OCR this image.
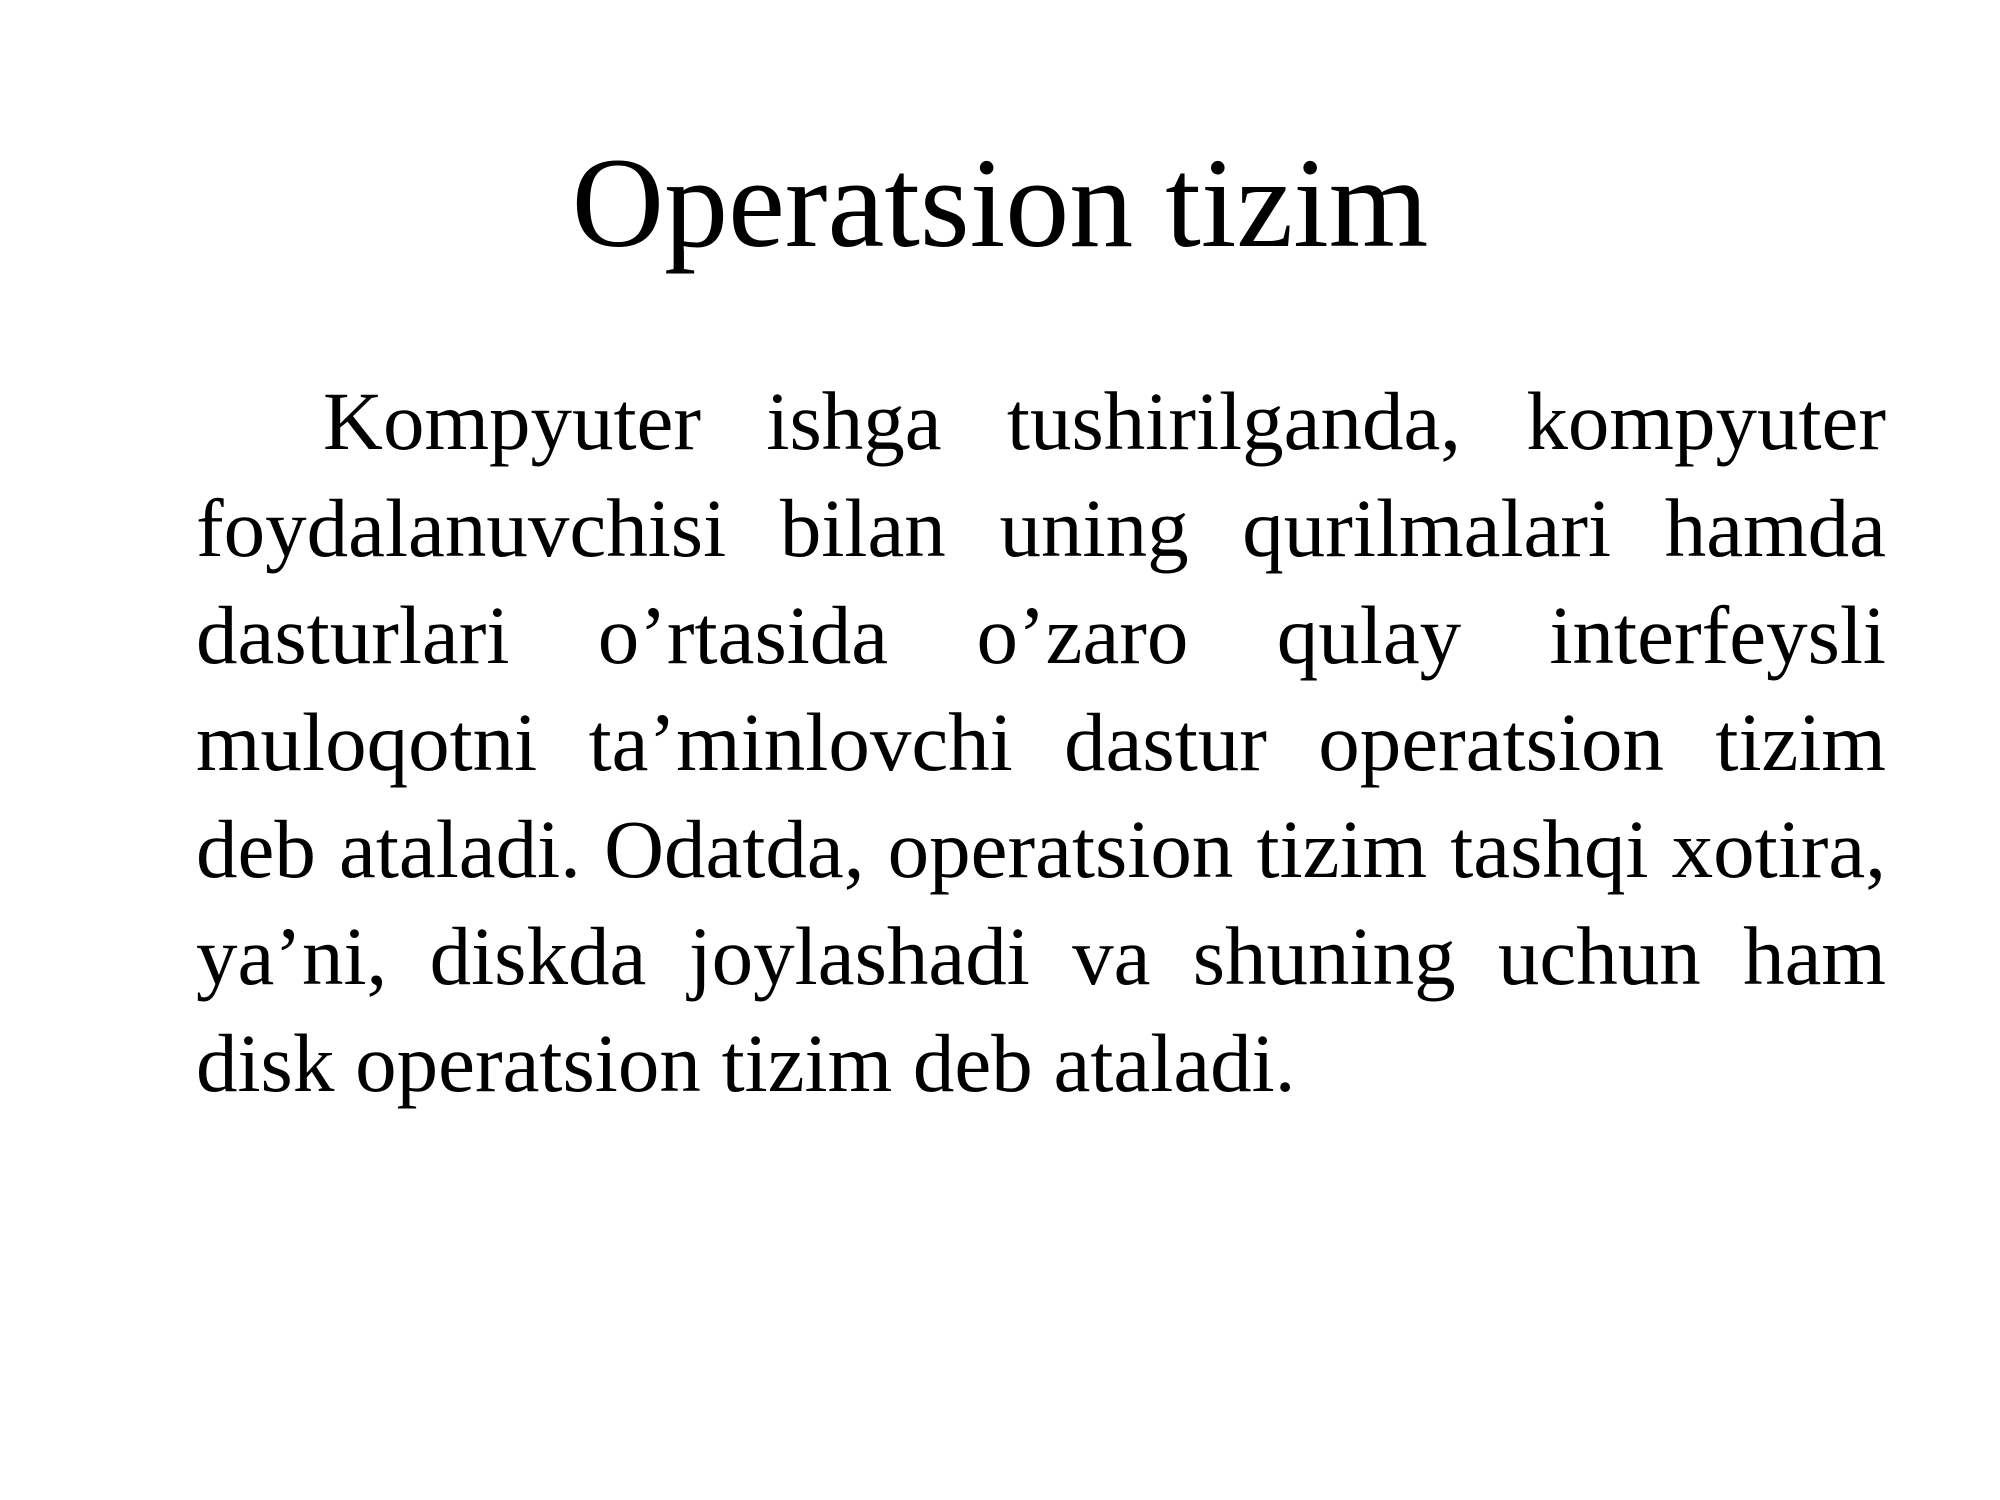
Operatsion tizim

Kompyuter ishga tushirilganda, kompyuter foydalanuvchisi bilan uning qurilmalari hamda dasturlari o’rtasida o’zaro qulay interfeysli muloqotni ta’minlovchi dastur operatsion tizim deb ataladi. Odatda, operatsion tizim tashqi xotira, ya’ni, diskda joylashadi va shuning uchun ham disk operatsion tizim deb ataladi.
